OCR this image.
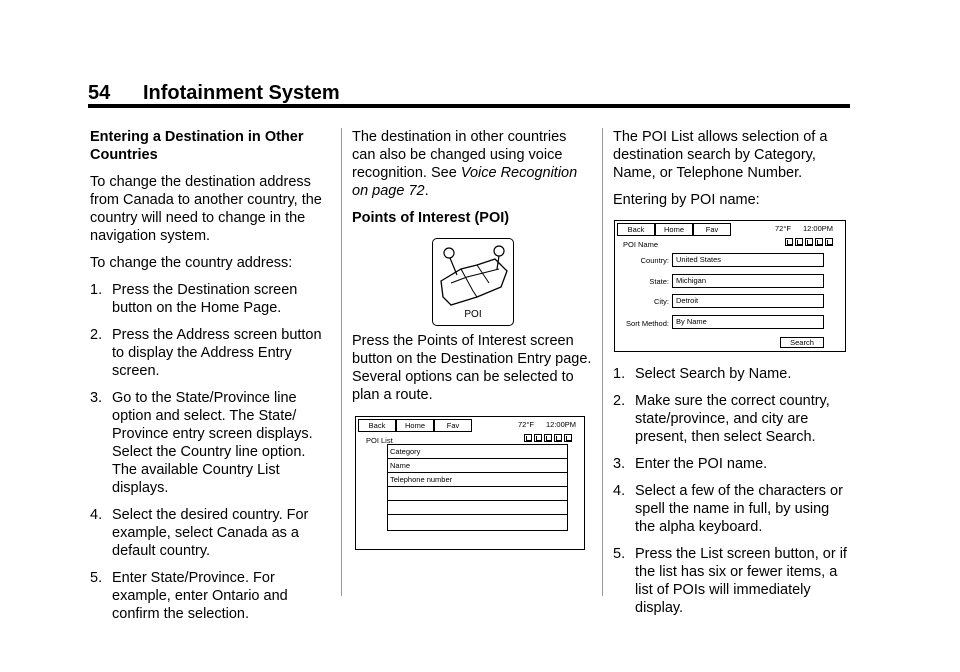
54 Infotainment System
Entering a Destination in Other Countries

To change the destination address from Canada to another country, the country will need to change in the navigation system.

To change the country address:

1. Press the Destination screen button on the Home Page.
2. Press the Address screen button to display the Address Entry screen.
3. Go to the State/Province line option and select. The State/ Province entry screen displays. Select the Country line option. The available Country List displays.
4. Select the desired country. For example, select Canada as a default country.
5. Enter State/Province. For example, enter Ontario and confirm the selection.

The destination in other countries can also be changed using voice recognition. See Voice Recognition on page 72.

Points of Interest (POI)
POI

Press the Points of Interest screen button on the Destination Entry page. Several options can be selected to plan a route.

Back	Home	Fav	72°F 12:00PM
POI List
Category
Name
Telephone number

The POI List allows selection of a destination search by Category, Name, or Telephone Number.

Entering by POI name:

Back	Home	Fav	72°F 12:00PM
POI Name
Country: United States
State: Michigan
City: Detroit
Sort Method: By Name
Search
1. Select Search by Name.
2. Make sure the correct country, state/province, and city are present, then select Search.
3. Enter the POI name.
4. Select a few of the characters or spell the name in full, by using the alpha keyboard.
5. Press the List screen button, or if the list has six or fewer items, a list of POIs will immediately display.
